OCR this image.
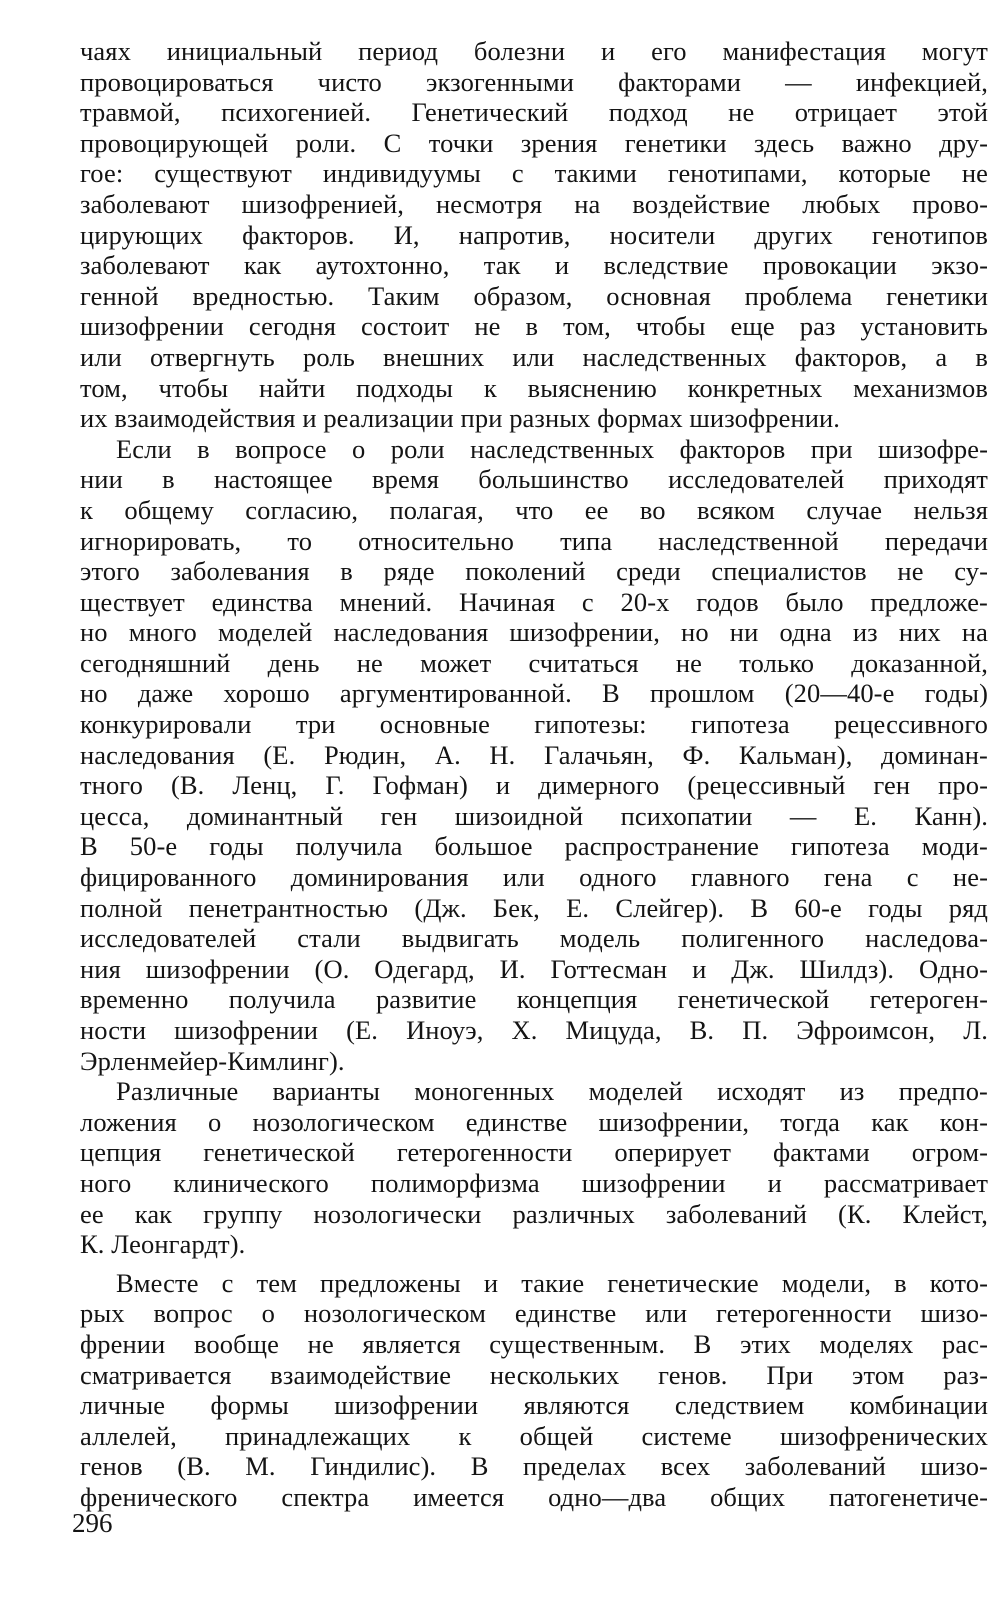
чаях инициальный период болезни и его манифестация могут
провоцироваться чисто экзогенными факторами — инфекцией,
травмой, психогенией. Генетический подход не отрицает этой
провоцирующей роли. С точки зрения генетики здесь важно дру-
гое: существуют индивидуумы с такими генотипами, которые не
заболевают шизофренией, несмотря на воздействие любых прово-
цирующих факторов. И, напротив, носители других генотипов
заболевают как аутохтонно, так и вследствие провокации экзо-
генной вредностью. Таким образом, основная проблема генетики
шизофрении сегодня состоит не в том, чтобы еще раз установить
или отвергнуть роль внешних или наследственных факторов, а в
том, чтобы найти подходы к выяснению конкретных механизмов
их взаимодействия и реализации при разных формах шизофрении.
Если в вопросе о роли наследственных факторов при шизофре-
нии в настоящее время большинство исследователей приходят
к общему согласию, полагая, что ее во всяком случае нельзя
игнорировать, то относительно типа наследственной передачи
этого заболевания в ряде поколений среди специалистов не су-
ществует единства мнений. Начиная с 20-х годов было предложе-
но много моделей наследования шизофрении, но ни одна из них на
сегодняшний день не может считаться не только доказанной,
но даже хорошо аргументированной. В прошлом (20—40-е годы)
конкурировали три основные гипотезы: гипотеза рецессивного
наследования (Е. Рюдин, А. Н. Галачьян, Ф. Кальман), доминан-
тного (В. Ленц, Г. Гофман) и димерного (рецессивный ген про-
цесса, доминантный ген шизоидной психопатии — Е. Канн).
В 50-е годы получила большое распространение гипотеза моди-
фицированного доминирования или одного главного гена с не-
полной пенетрантностью (Дж. Бек, Е. Слейгер). В 60-е годы ряд
исследователей стали выдвигать модель полигенного наследова-
ния шизофрении (О. Одегард, И. Готтесман и Дж. Шилдз). Одно-
временно получила развитие концепция генетической гетероген-
ности шизофрении (Е. Иноуэ, Х. Мицуда, В. П. Эфроимсон, Л.
Эрленмейер-Кимлинг).
Различные варианты моногенных моделей исходят из предпо-
ложения о нозологическом единстве шизофрении, тогда как кон-
цепция генетической гетерогенности оперирует фактами огром-
ного клинического полиморфизма шизофрении и рассматривает
ее как группу нозологически различных заболеваний (К. Клейст,
К. Леонгардт).
Вместе с тем предложены и такие генетические модели, в кото-
рых вопрос о нозологическом единстве или гетерогенности шизо-
френии вообще не является существенным. В этих моделях рас-
сматривается взаимодействие нескольких генов. При этом раз-
личные формы шизофрении являются следствием комбинации
аллелей, принадлежащих к общей системе шизофренических
генов (В. М. Гиндилис). В пределах всех заболеваний шизо-
френического спектра имеется одно—два общих патогенетиче-
296
